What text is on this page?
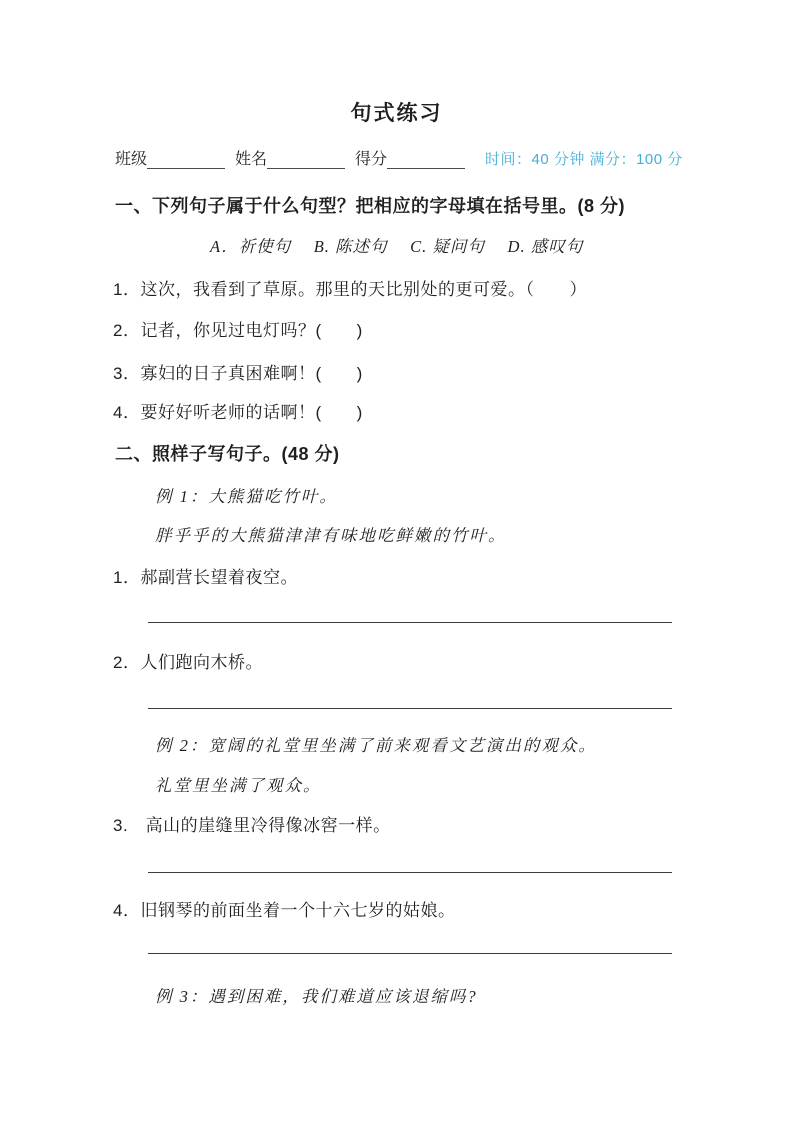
句式练习
班级	姓名	得分	时间：40 分钟 满分：100 分
一、下列句子属于什么句型？把相应的字母填在括号里。(8 分)
A．祈使句　 B. 陈述句　 C. 疑问句　 D. 感叹句
1．这次，我看到了草原。那里的天比别处的更可爱。（　　）
2．记者，你见过电灯吗？(　　)
3．寡妇的日子真困难啊！(　　)
4．要好好听老师的话啊！(　　)
二、照样子写句子。(48 分)
例 1：大熊猫吃竹叶。
胖乎乎的大熊猫津津有味地吃鲜嫩的竹叶。
1．郝副营长望着夜空。
2．人们跑向木桥。
例 2：宽阔的礼堂里坐满了前来观看文艺演出的观众。
礼堂里坐满了观众。
3.　高山的崖缝里冷得像冰窖一样。
4．旧钢琴的前面坐着一个十六七岁的姑娘。
例 3：遇到困难，我们难道应该退缩吗?
